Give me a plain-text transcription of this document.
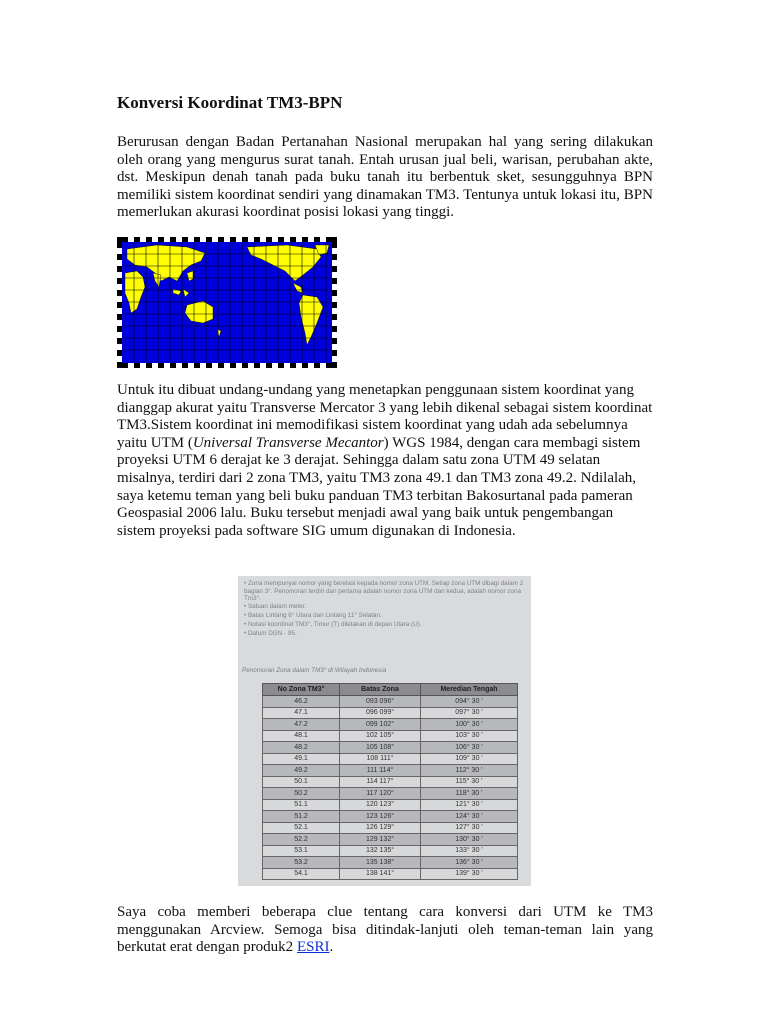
Konversi Koordinat TM3-BPN

Berurusan dengan Badan Pertanahan Nasional merupakan hal yang sering dilakukan oleh orang yang mengurus surat tanah. Entah urusan jual beli, warisan, perubahan akte, dst. Meskipun denah tanah pada buku tanah itu berbentuk sket, sesungguhnya BPN memiliki sistem koordinat sendiri yang dinamakan TM3. Tentunya untuk lokasi itu, BPN memerlukan akurasi koordinat posisi lokasi yang tinggi.

Untuk itu dibuat undang-undang yang menetapkan penggunaan sistem koordinat yang dianggap akurat yaitu Transverse Mercator 3 yang lebih dikenal sebagai sistem koordinat TM3.Sistem koordinat ini memodifikasi sistem koordinat yang udah ada sebelumnya yaitu UTM (Universal Transverse Mecantor) WGS 1984, dengan cara membagi sistem proyeksi UTM 6 derajat ke 3 derajat. Sehingga dalam satu zona UTM 49 selatan misalnya, terdiri dari 2 zona TM3, yaitu TM3 zona 49.1 dan TM3 zona 49.2. Ndilalah, saya ketemu teman yang beli buku panduan TM3 terbitan Bakosurtanal pada pameran Geospasial 2006 lalu. Buku tersebut menjadi awal yang baik untuk pengembangan sistem proyeksi pada software SIG umum digunakan di Indonesia.

• Zona mempunyai nomor yang berelasi kepada nomor zona UTM. Setiap zona UTM dibagi dalam 2 bagian 3°. Penomoran terdiri dari pertama adalah nomor zona UTM dan kedua, adalah nomor zona Tm3°.
• Satuan dalam meter.
• Batas Lintang 6° Utara dan Lintang 11° Selatan.
• Notasi koordinat TM3°, Timur (T) diletakan di depan Utara (U).
• Datum DGN - 95.
Penomoran Zona dalam TM3° di Wilayah Indonesia
No Zona TM3°	Batas Zona	Meredian Tengah
46.2	093 096°	094° 30 '
47.1	096 099°	097° 30 '
47.2	099 102°	100° 30 '
48.1	102 105°	103° 30 '
48.2	105 108°	106° 30 '
49.1	108 111°	109° 30 '
49.2	111 114°	112° 30 '
50.1	114 117°	115° 30 '
50.2	117 120°	118° 30 '
51.1	120 123°	121° 30 '
51.2	123 126°	124° 30 '
52.1	126 129°	127° 30 '
52.2	129 132°	130° 30 '
53.1	132 135°	133° 30 '
53.2	135 138°	136° 30 '
54.1	138 141°	139° 30 '

Saya coba memberi beberapa clue tentang cara konversi dari UTM ke TM3 menggunakan Arcview. Semoga bisa ditindak-lanjuti oleh teman-teman lain yang berkutat erat dengan produk2 ESRI.
